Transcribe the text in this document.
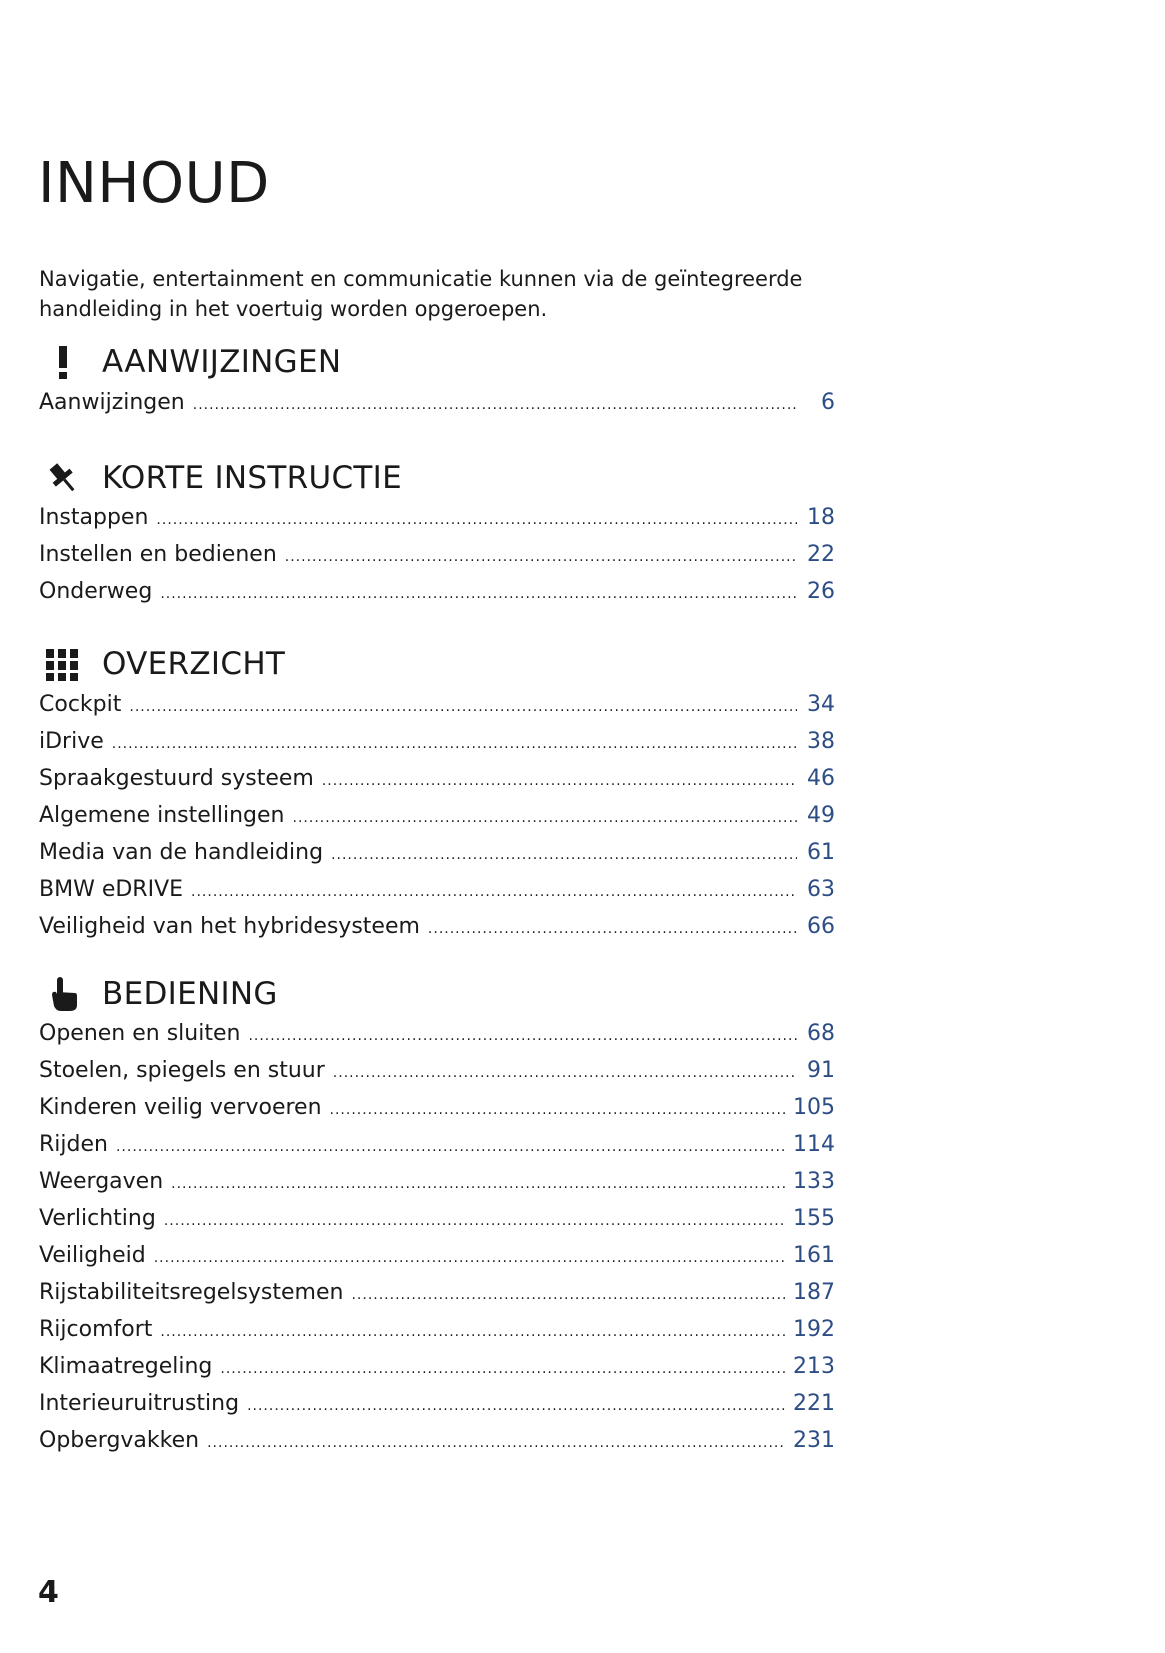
INHOUD

Navigatie, entertainment en communicatie kunnen via de geïntegreerde handleiding in het voertuig worden opgeroepen.

AANWIJZINGEN
Aanwijzingen .....	6
KORTE INSTRUCTIE
Instappen .....	18
Instellen en bedienen .....	22
Onderweg .....	26
OVERZICHT
Cockpit .....	34
iDrive .....	38
Spraakgestuurd systeem .....	46
Algemene instellingen .....	49
Media van de handleiding .....	61
BMW eDRIVE .....	63
Veiligheid van het hybridesysteem .....	66
BEDIENING
Openen en sluiten .....	68
Stoelen, spiegels en stuur .....	91
Kinderen veilig vervoeren .....	105
Rijden .....	114
Weergaven .....	133
Verlichting .....	155
Veiligheid .....	161
Rijstabiliteitsregelsystemen .....	187
Rijcomfort .....	192
Klimaatregeling .....	213
Interieuruitrusting .....	221
Opbergvakken .....	231
4
